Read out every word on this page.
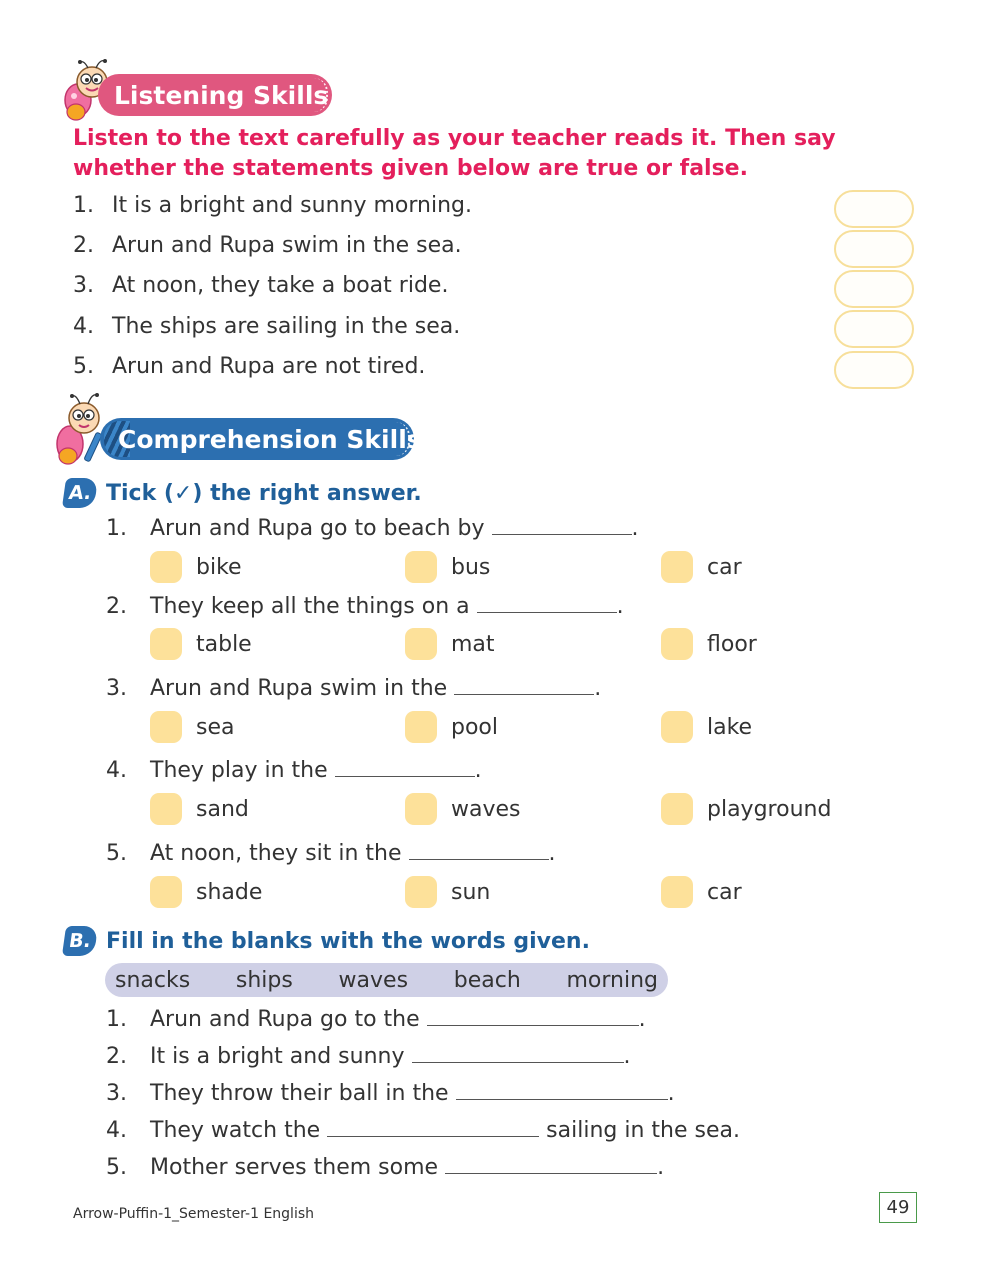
Listening Skills
Listen to the text carefully as your teacher reads it. Then say whether the statements given below are true or false.
1. It is a bright and sunny morning.
2. Arun and Rupa swim in the sea.
3. At noon, they take a boat ride.
4. The ships are sailing in the sea.
5. Arun and Rupa are not tired.
Comprehension Skills
A. Tick (✓) the right answer.
1. Arun and Rupa go to beach by	.
bike	bus	car
2. They keep all the things on a	.
table	mat	floor
3. Arun and Rupa swim in the	.
sea	pool	lake
4. They play in the	.
sand	waves	playground
5. At noon, they sit in the	.
shade	sun	car
B. Fill in the blanks with the words given.
snacks ships waves beach morning
1. Arun and Rupa go to the	.
2. It is a bright and sunny	.
3. They throw their ball in the	.
4. They watch the	sailing in the sea.
5. Mother serves them some	.
Arrow-Puffin-1_Semester-1 English	49
